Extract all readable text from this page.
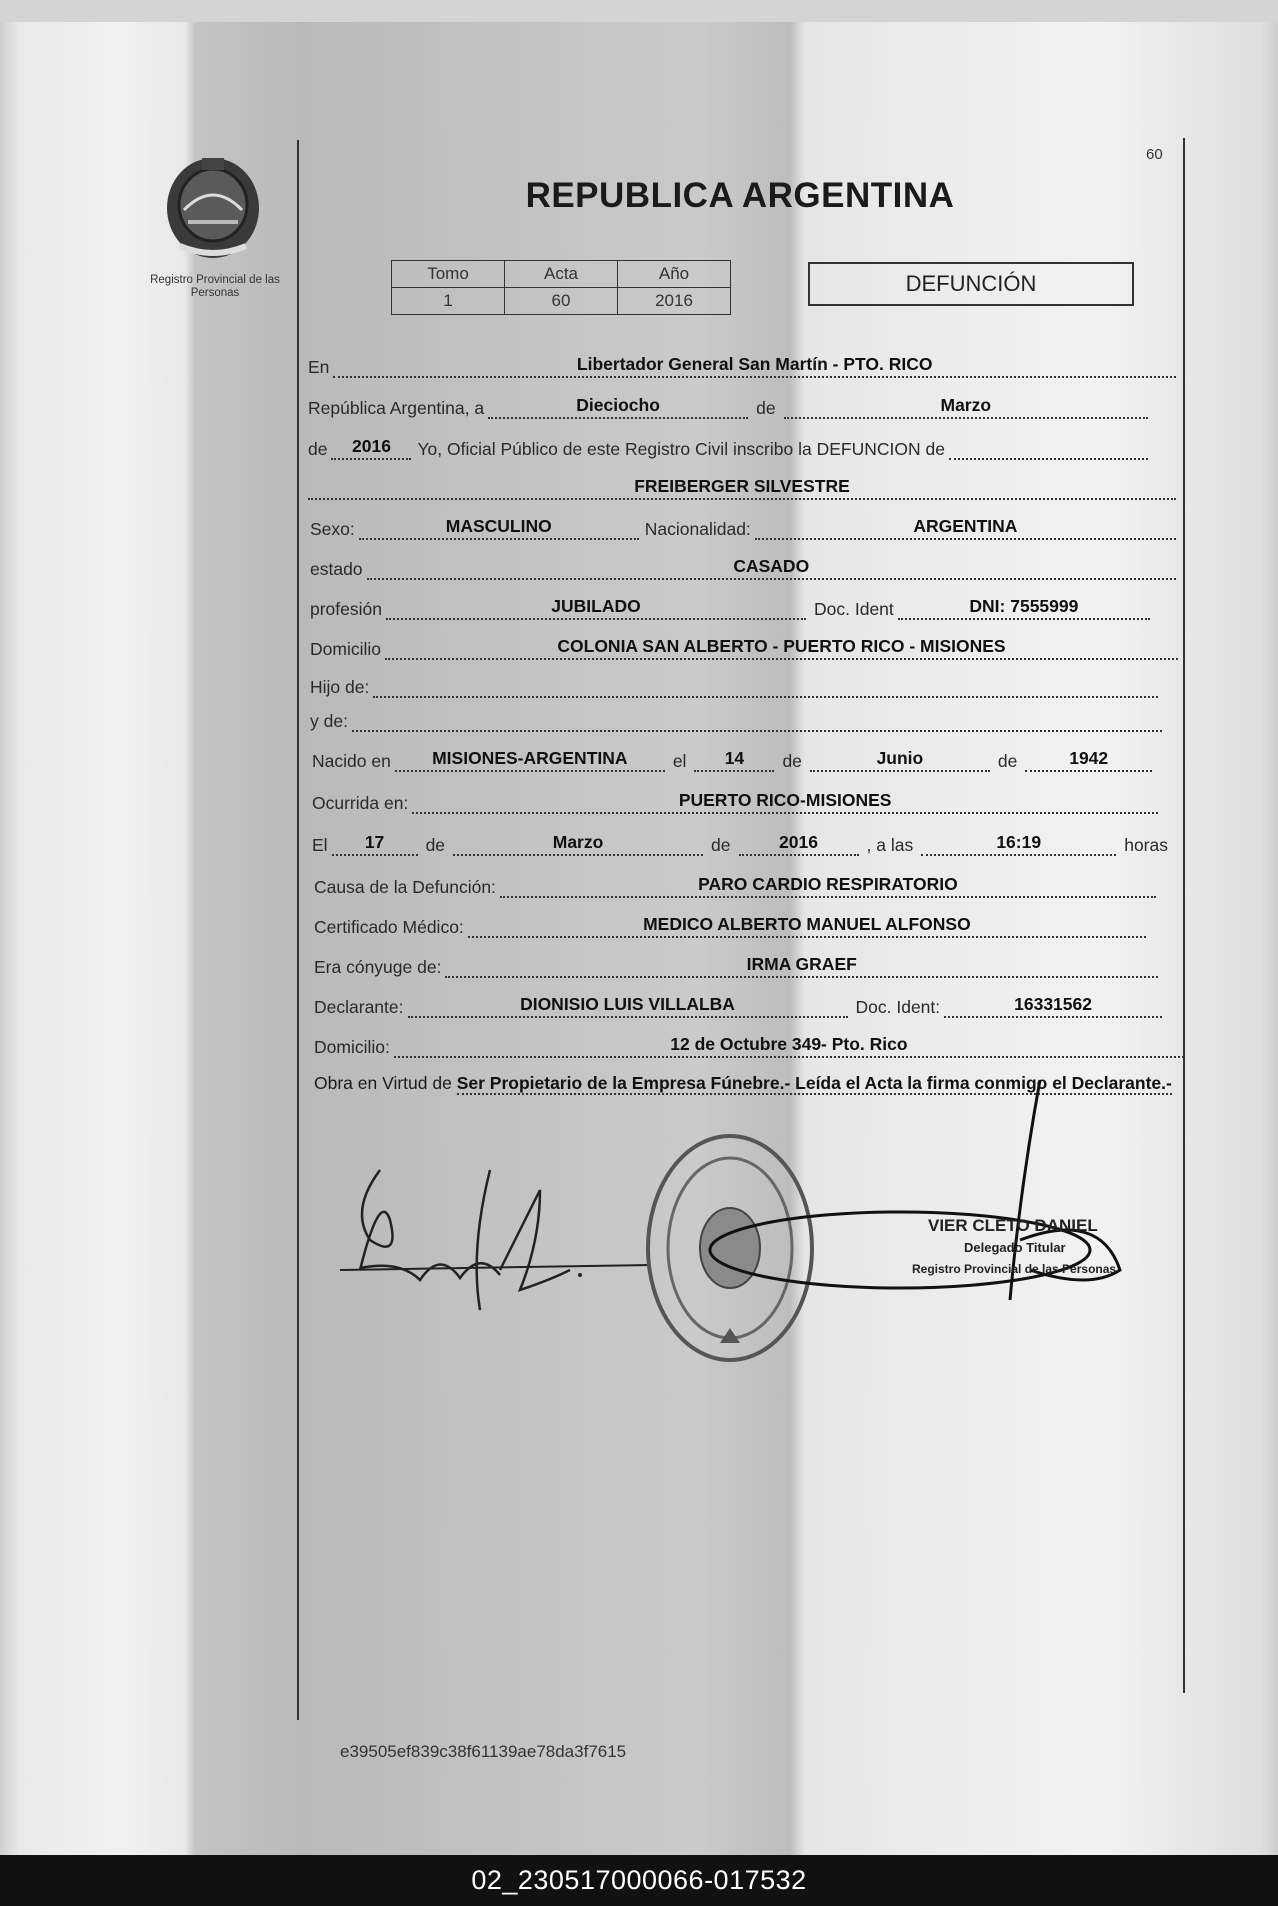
Registro Provincial de las Personas
60
REPUBLICA ARGENTINA
Tomo	Acta	Año
1	60	2016
DEFUNCIÓN
En	Libertador General San Martín - PTO. RICO
República Argentina, a	Dieciocho	de	Marzo
de	2016	Yo, Oficial Público de este Registro Civil inscribo la DEFUNCION de
FREIBERGER SILVESTRE
Sexo:	MASCULINO	Nacionalidad:	ARGENTINA
estado	CASADO
profesión	JUBILADO	Doc. Ident	DNI: 7555999
Domicilio	COLONIA SAN ALBERTO - PUERTO RICO - MISIONES
Hijo de:
y de:
Nacido en	MISIONES-ARGENTINA	el	14	de	Junio	de	1942
Ocurrida en:	PUERTO RICO-MISIONES
El	17	de	Marzo	de	2016	, a las	16:19	horas
Causa de la Defunción:	PARO CARDIO RESPIRATORIO
Certificado Médico:	MEDICO ALBERTO MANUEL ALFONSO
Era cónyuge de:	IRMA GRAEF
Declarante:	DIONISIO LUIS VILLALBA	Doc. Ident:	16331562
Domicilio:	12 de Octubre 349- Pto. Rico
Obra en Virtud de Ser Propietario de la Empresa Fúnebre.- Leída el Acta la firma conmigo el Declarante.-
VIER CLETO DANIEL
Delegado Titular
Registro Provincial de las Personas
e39505ef839c38f61139ae78da3f7615
02_230517000066-017532
